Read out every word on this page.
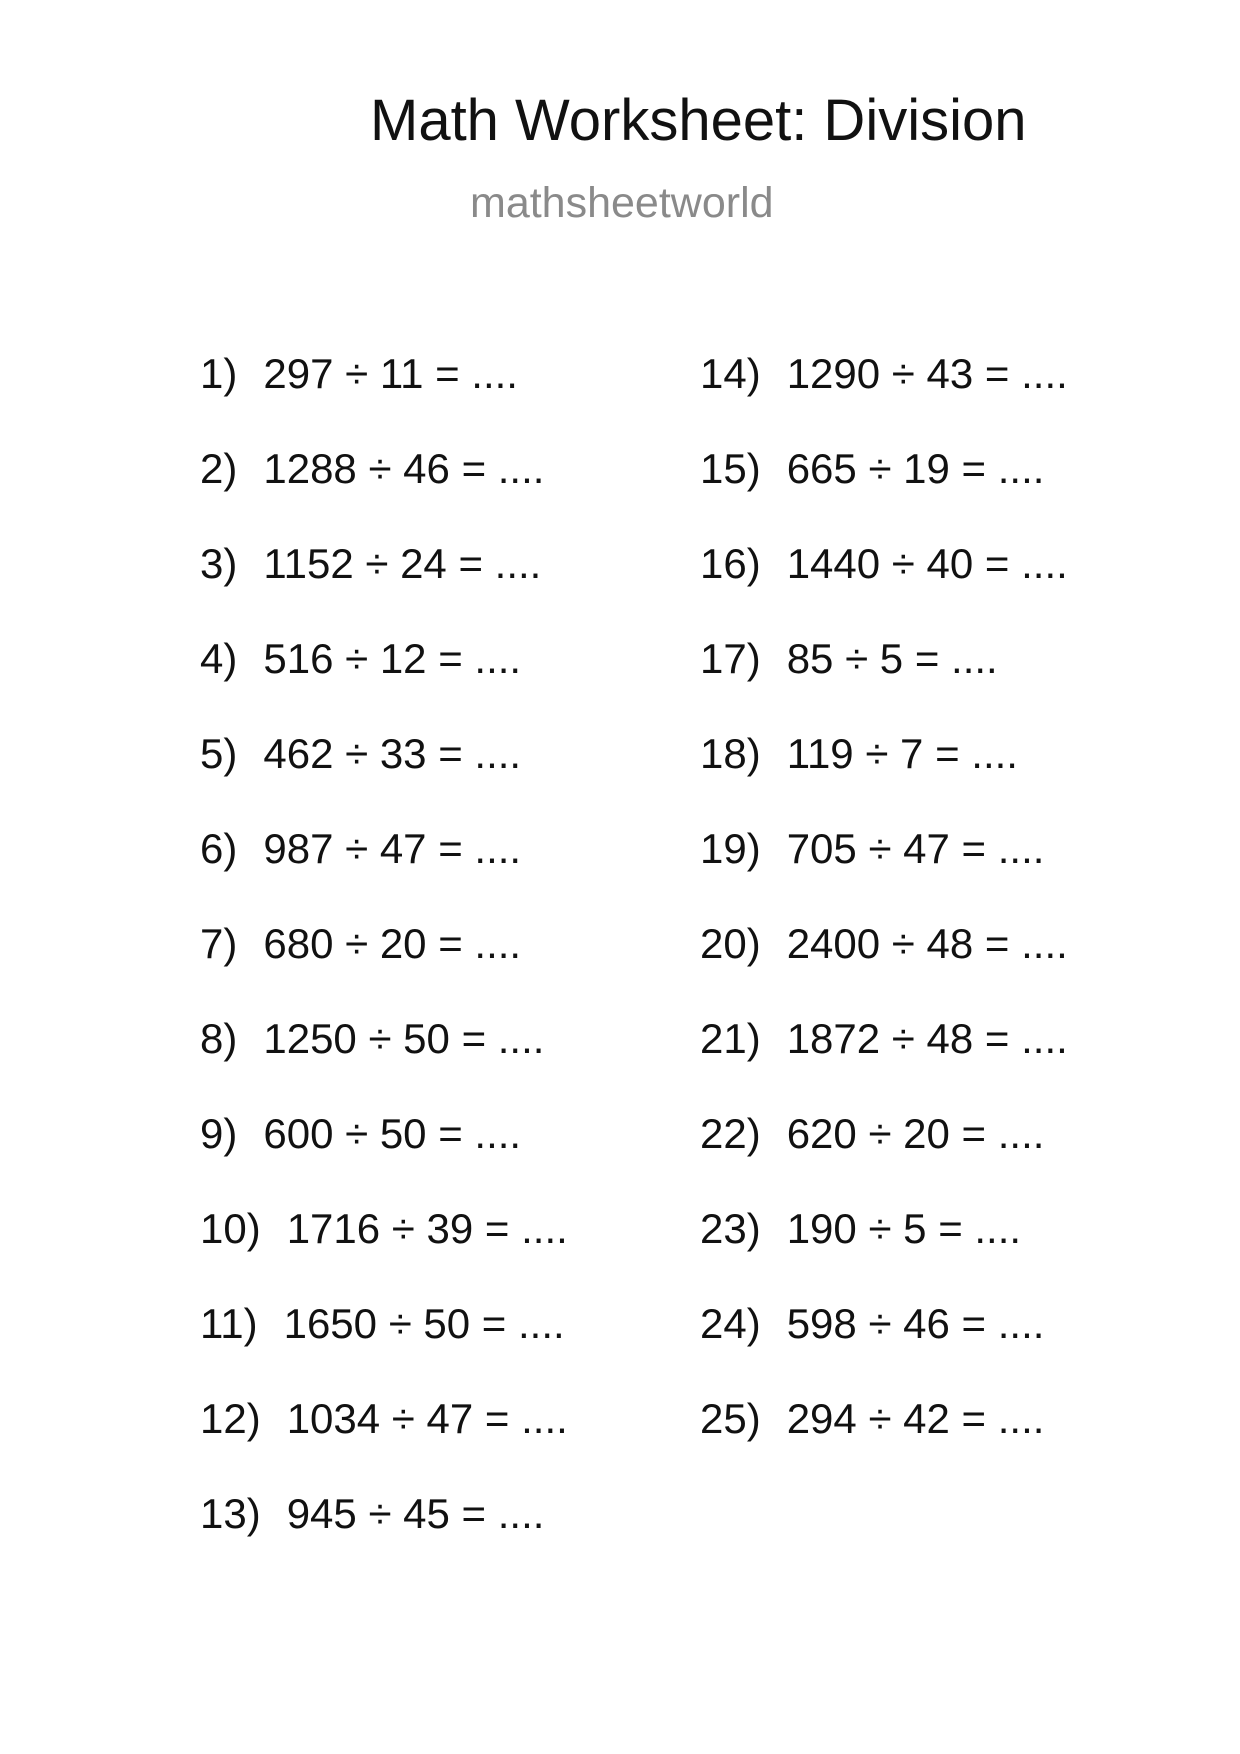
Math Worksheet: Division
mathsheetworld
1) 297 ÷ 11 = ....
2) 1288 ÷ 46 = ....
3) 1152 ÷ 24 = ....
4) 516 ÷ 12 = ....
5) 462 ÷ 33 = ....
6) 987 ÷ 47 = ....
7) 680 ÷ 20 = ....
8) 1250 ÷ 50 = ....
9) 600 ÷ 50 = ....
10) 1716 ÷ 39 = ....
11) 1650 ÷ 50 = ....
12) 1034 ÷ 47 = ....
13) 945 ÷ 45 = ....
14) 1290 ÷ 43 = ....
15) 665 ÷ 19 = ....
16) 1440 ÷ 40 = ....
17) 85 ÷ 5 = ....
18) 119 ÷ 7 = ....
19) 705 ÷ 47 = ....
20) 2400 ÷ 48 = ....
21) 1872 ÷ 48 = ....
22) 620 ÷ 20 = ....
23) 190 ÷ 5 = ....
24) 598 ÷ 46 = ....
25) 294 ÷ 42 = ....
